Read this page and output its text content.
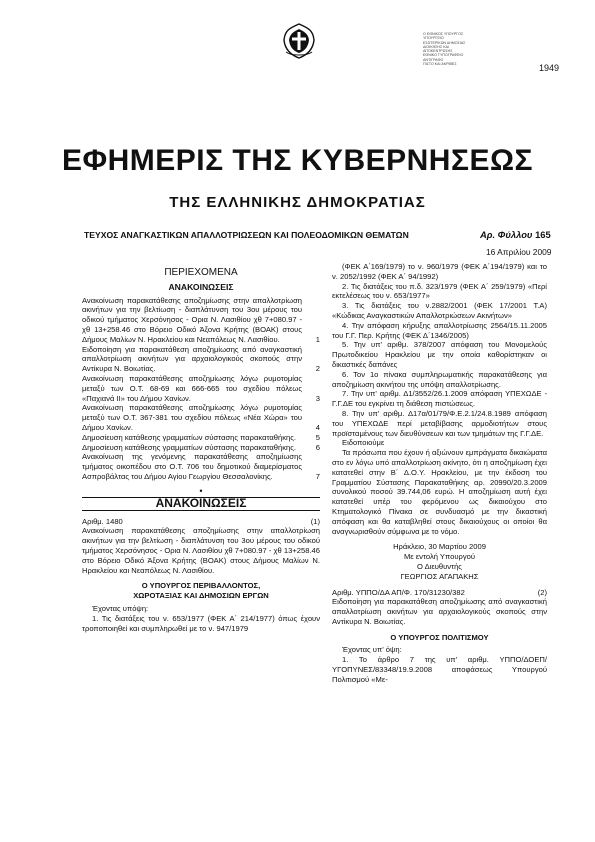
Ο ΕΘΝΙΚΟΣ ΥΠΟΥΡΓΟΣ
ΥΠΟΥΡΓΕΙΟ
ΕΣΩΤΕΡΙΚΩΝ ΔΗΜΟΣΙΑΣ
ΔΙΟΙΚΗΣΗΣ ΚΑΙ
ΑΠΟΚΕΝΤΡΩΣΗΣ
ΕΘΝΙΚΟ ΤΥΠΟΓΡΑΦΕΙΟ
ΑΝΤΙΓΡΑΦΟ
ΠΙΣΤΟ ΚΑΙ ΑΚΡΙΒΕΣ	1949
ΕΦΗΜΕΡΙΣ ΤΗΣ ΚΥΒΕΡΝΗΣΕΩΣ
ΤΗΣ ΕΛΛΗΝΙΚΗΣ ΔΗΜΟΚΡΑΤΙΑΣ
ΤΕΥΧΟΣ ΑΝΑΓΚΑΣΤΙΚΩΝ ΑΠΑΛΛΟΤΡΙΩΣΕΩΝ ΚΑΙ ΠΟΛΕΟΔΟΜΙΚΩΝ ΘΕΜΑΤΩΝ	Αρ. Φύλλου 165
16 Απριλίου 2009
ΠΕΡΙΕΧΟΜΕΝΑ
ΑΝΑΚΟΙΝΩΣΕΙΣ
Ανακοίνωση παρακατάθεσης αποζημίωσης στην απαλλοτρίωση ακινήτων για την βελτίωση - διαπλάτυνση του 3ου μέρους του οδικού τμήματος Χερσόνησος - Ορια Ν. Λασιθίου χθ 7+080.97 - χθ 13+258.46 στο Βόρειο Οδικό Άξονα Κρήτης (ΒΟΑΚ) στους Δήμους Μαλίων Ν. Ηρακλείου και Νεαπόλεως Ν. Λασιθίου.	1
Ειδοποίηση για παρακατάθεση αποζημίωσης από αναγκαστική απαλλοτρίωση ακινήτων για αρχαιολογικούς σκοπούς στην Αντίκυρα Ν. Βοιωτίας.	2
Ανακοίνωση παρακατάθεσης αποζημίωσης λόγω ρυμοτομίας μεταξύ των Ο.Τ. 68-69 και 666-665 του σχεδίου πόλεως «Παχιανά ΙΙ» του Δήμου Χανίων.	3
Ανακοίνωση παρακατάθεσης αποζημίωσης λόγω ρυμοτομίας μεταξύ των Ο.Τ. 367-381 του σχεδίου πόλεως «Νέα Χώρα» του Δήμου Χανίων.	4
Δημοσίευση κατάθεσης γραμματίων σύστασης παρακαταθήκης.	5
Δημοσίευση κατάθεσης γραμματίων σύστασης παρακαταθήκης.	6
Ανακοίνωση της γενόμενης παρακατάθεσης αποζημίωσης τμήματος οικοπέδου στο Ο.Τ. 706 του δημοτικού διαμερίσματος Ασπροβάλτας του Δήμου Αγίου Γεωργίου Θεσσαλονίκης.	7
•
ΑΝΑΚΟΙΝΩΣΕΙΣ
Αριθμ. 1480	(1)

Ανακοίνωση παρακατάθεσης αποζημίωσης στην απαλλοτρίωση ακινήτων για την βελτίωση - διαπλάτυνση του 3ου μέρους του οδικού τμήματος Χερσόνησος - Ορια Ν. Λασιθίου χθ 7+080.97 - χθ 13+258.46 στο Βόρειο Οδικό Άξονα Κρήτης (ΒΟΑΚ) στους Δήμους Μαλίων Ν. Ηρακλείου και Νεαπόλεως Ν. Λασιθίου.

Ο ΥΠΟΥΡΓΟΣ ΠΕΡΙΒΑΛΛΟΝΤΟΣ,

ΧΩΡΟΤΑΞΙΑΣ ΚΑΙ ΔΗΜΟΣΙΩΝ ΕΡΓΩΝ

Έχοντας υπόψη:

1. Τις διατάξεις του ν. 653/1977 (ΦΕΚ Α΄ 214/1977) όπως έχουν τροποποιηθεί και συμπληρωθεί με το ν. 947/1979

(ΦΕΚ Α΄169/1979) το ν. 960/1979 (ΦΕΚ Α΄194/1979) και το ν. 2052/1992 (ΦΕΚ Α΄ 94/1992)

2. Τις διατάξεις του π.δ. 323/1979 (ΦΕΚ Α΄ 259/1979) «Περί εκτελέσεως του ν. 653/1977»

3. Τις διατάξεις του ν.2882/2001 (ΦΕΚ 17/2001 Τ.Α) «Κώδικας Αναγκαστικών Απαλλοτριώσεων Ακινήτων»

4. Την απόφαση κήρυξης απαλλοτρίωσης 2564/15.11.2005 του Γ.Γ. Περ. Κρήτης (ΦΕΚ Δ΄1346/2005)

5. Την υπ' αριθμ. 378/2007 απόφαση του Μονομελούς Πρωτοδικείου Ηρακλείου με την οποία καθορίστηκαν οι δικαστικές δαπάνες

6. Τον 1ο πίνακα συμπληρωματικής παρακατάθεσης για αποζημίωση ακινήτου της υπόψη απαλλοτρίωσης.

7. Την υπ' αριθμ. Δ1/3552/26.1.2009 απόφαση ΥΠΕΧΩΔΕ - Γ.Γ.ΔΕ του εγκρίνει τη διάθεση πιστώσεως.

8. Την υπ' αριθμ. Δ17α/01/79/Φ.Ε.2.1/24.8.1989 απόφαση του ΥΠΕΧΩΔΕ περί μεταβίβασης αρμοδιοτήτων στους προϊσταμένους των διευθύνσεων και των τμημάτων της Γ.Γ.ΔΕ.

Ειδοποιούμε

Τα πρόσωπα που έχουν ή αξιώνουν εμπράγματα δικαιώματα στο εν λόγω υπό απαλλοτρίωση ακίνητο, ότι η αποζημίωση έχει κατατεθεί στην Β΄ Δ.Ο.Υ. Ηρακλείου, με την έκδοση του Γραμματίου Σύστασης Παρακαταθήκης αρ. 20990/20.3.2009 συνολικού ποσού 39.744,06 ευρώ. Η αποζημίωση αυτή έχει κατατεθεί υπέρ του φερόμενου ως δικαιούχου στο Κτηματολογικό Πίνακα σε συνδυασμό με την δικαστική απόφαση και θα καταβληθεί στους δικαιούχους οι οποίοι θα αναγνωρισθούν σύμφωνα με το νόμο.

Ηράκλειο, 30 Μαρτίου 2009

Με εντολή Υπουργού

Ο Διευθυντής

ΓΕΩΡΓΙΟΣ ΑΓΑΠΑΚΗΣ

Αριθμ. ΥΠΠΟ/ΔΑ ΑΠ/Φ. 170/31230/382	(2)

Ειδοποίηση για παρακατάθεση αποζημίωσης από αναγκαστική απαλλοτρίωση ακινήτων για αρχαιολογικούς σκοπούς στην Αντίκυρα Ν. Βοιωτίας.

Ο ΥΠΟΥΡΓΟΣ ΠΟΛΙΤΙΣΜΟΥ

Έχοντας υπ' όψη:

1. Το άρθρο 7 της υπ' αριθμ. ΥΠΠΟ/ΔΟΕΠ/ΥΓΟΠΥΝΕΣ/83348/19.9.2008 αποφάσεως Υπουργού Πολιτισμού «Με-
